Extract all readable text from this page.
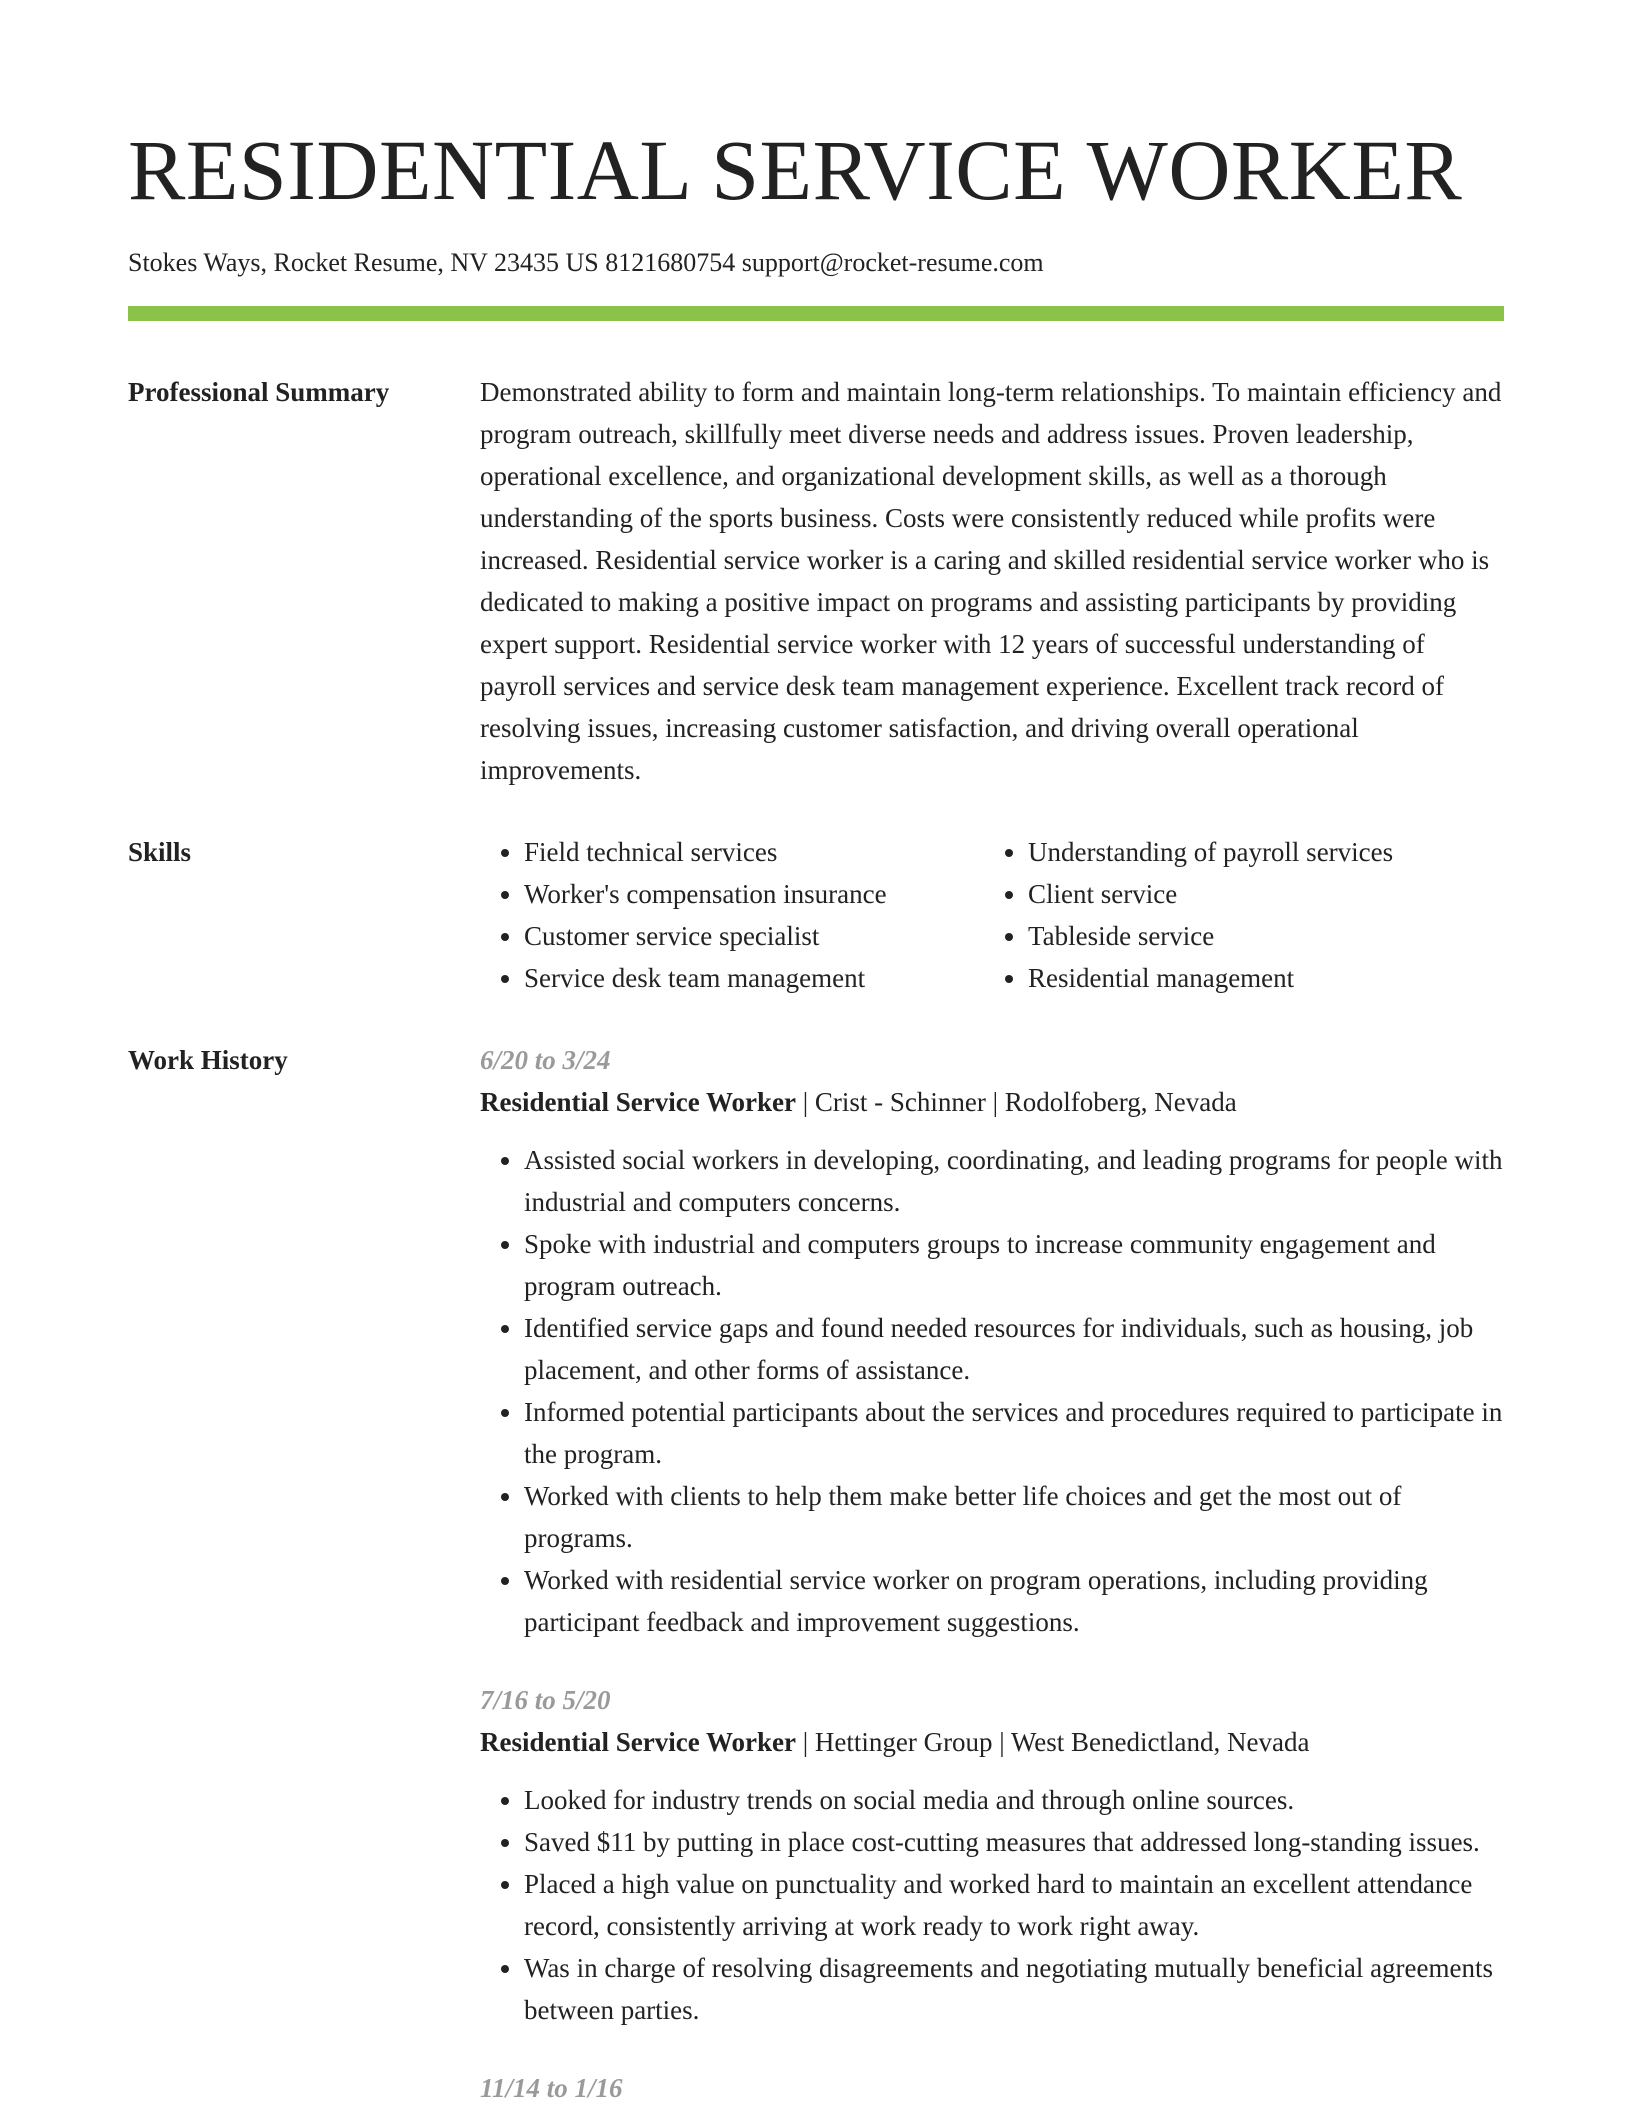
RESIDENTIAL SERVICE WORKER
Stokes Ways, Rocket Resume, NV 23435 US 8121680754 support@rocket-resume.com
Professional Summary	Demonstrated ability to form and maintain long-term relationships. To maintain efficiency and program outreach, skillfully meet diverse needs and address issues. Proven leadership, operational excellence, and organizational development skills, as well as a thorough understanding of the sports business. Costs were consistently reduced while profits were increased. Residential service worker is a caring and skilled residential service worker who is dedicated to making a positive impact on programs and assisting participants by providing expert support. Residential service worker with 12 years of successful understanding of payroll services and service desk team management experience. Excellent track record of resolving issues, increasing customer satisfaction, and driving overall operational improvements.

Skills
•	Field technical services
• Worker's compensation insurance
• Customer service specialist
• Service desk team management
• Understanding of payroll services
• Client service
• Tableside service
• Residential management
Work History	6/20 to 3/24
Residential Service Worker | Crist - Schinner | Rodolfoberg, Nevada
• Assisted social workers in developing, coordinating, and leading programs for people with industrial and computers concerns.
• Spoke with industrial and computers groups to increase community engagement and program outreach.
• Identified service gaps and found needed resources for individuals, such as housing, job placement, and other forms of assistance.
• Informed potential participants about the services and procedures required to participate in the program.
• Worked with clients to help them make better life choices and get the most out of programs.
• Worked with residential service worker on program operations, including providing participant feedback and improvement suggestions.
7/16 to 5/20
Residential Service Worker | Hettinger Group | West Benedictland, Nevada
• Looked for industry trends on social media and through online sources.
• Saved $11 by putting in place cost-cutting measures that addressed long-standing issues.
• Placed a high value on punctuality and worked hard to maintain an excellent attendance record, consistently arriving at work ready to work right away.
• Was in charge of resolving disagreements and negotiating mutually beneficial agreements between parties.
11/14 to 1/16
